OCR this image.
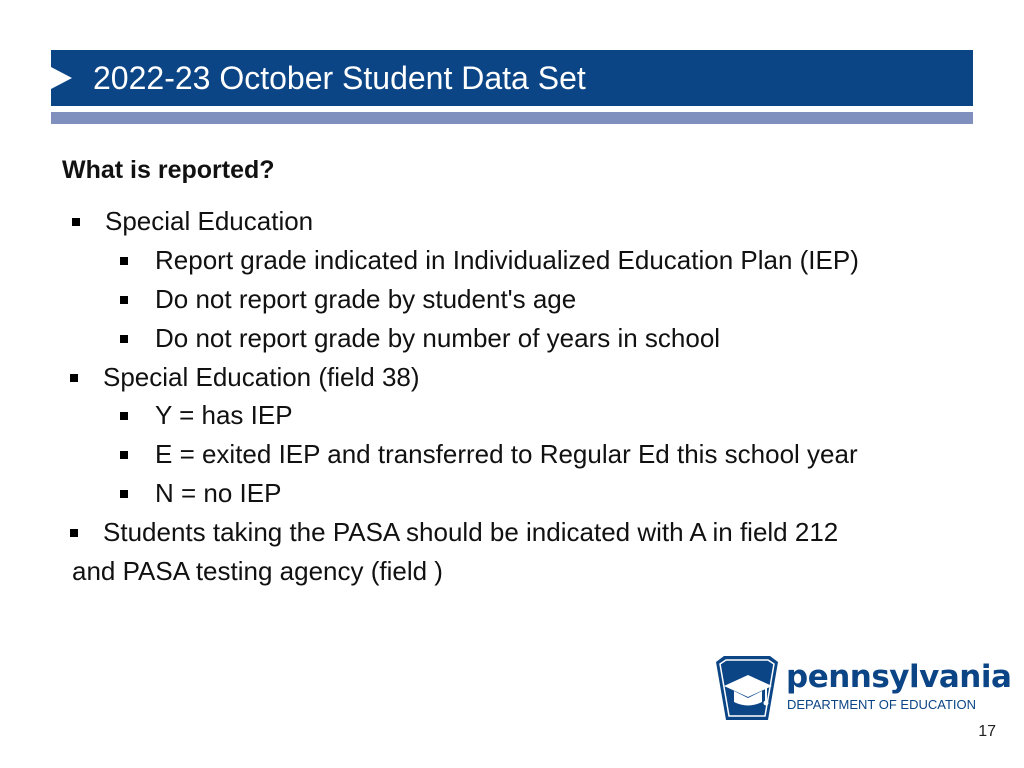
2022-23 October Student Data Set
What is reported?
Special Education
Report grade indicated in Individualized Education Plan (IEP)
Do not report grade by student's age
Do not report grade by number of years in school
Special Education (field 38)
Y = has IEP
E = exited IEP and transferred to Regular Ed this school year
N = no IEP
Students taking the PASA should be indicated with A in field 212
and PASA testing agency (field )
pennsylvania
DEPARTMENT OF EDUCATION
17
